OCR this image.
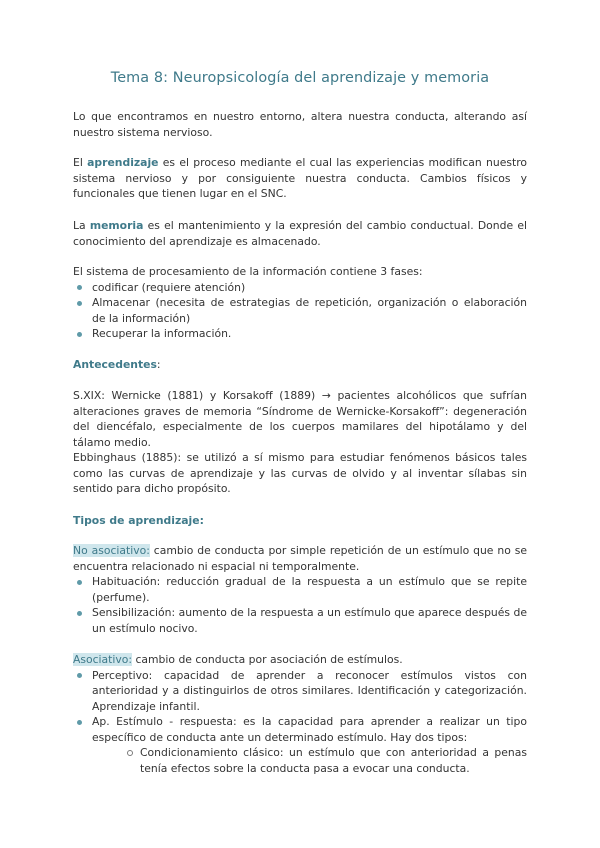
Tema 8: Neuropsicología del aprendizaje y memoria

Lo que encontramos en nuestro entorno, altera nuestra conducta, alterando así nuestro sistema nervioso.

El aprendizaje es el proceso mediante el cual las experiencias modifican nuestro sistema nervioso y por consiguiente nuestra conducta. Cambios físicos y funcionales que tienen lugar en el SNC.

La memoria es el mantenimiento y la expresión del cambio conductual. Donde el conocimiento del aprendizaje es almacenado.

El sistema de procesamiento de la información contiene 3 fases:

codificar (requiere atención)
Almacenar (necesita de estrategias de repetición, organización o elaboración de la información)
Recuperar la información.

Antecedentes:

S.XIX: Wernicke (1881) y Korsakoff (1889) → pacientes alcohólicos que sufrían alteraciones graves de memoria “Síndrome de Wernicke-Korsakoff”: degeneración del diencéfalo, especialmente de los cuerpos mamilares del hipotálamo y del tálamo medio.

Ebbinghaus (1885): se utilizó a sí mismo para estudiar fenómenos básicos tales como las curvas de aprendizaje y las curvas de olvido y al inventar sílabas sin sentido para dicho propósito.

Tipos de aprendizaje:

No asociativo: cambio de conducta por simple repetición de un estímulo que no se encuentra relacionado ni espacial ni temporalmente.

Habituación: reducción gradual de la respuesta a un estímulo que se repite (perfume).
Sensibilización: aumento de la respuesta a un estímulo que aparece después de un estímulo nocivo.

Asociativo: cambio de conducta por asociación de estímulos.

Perceptivo: capacidad de aprender a reconocer estímulos vistos con anterioridad y a distinguirlos de otros similares. Identificación y categorización. Aprendizaje infantil.
Ap. Estímulo - respuesta: es la capacidad para aprender a realizar un tipo específico de conducta ante un determinado estímulo. Hay dos tipos:
Condicionamiento clásico: un estímulo que con anterioridad a penas tenía efectos sobre la conducta pasa a evocar una conducta.
